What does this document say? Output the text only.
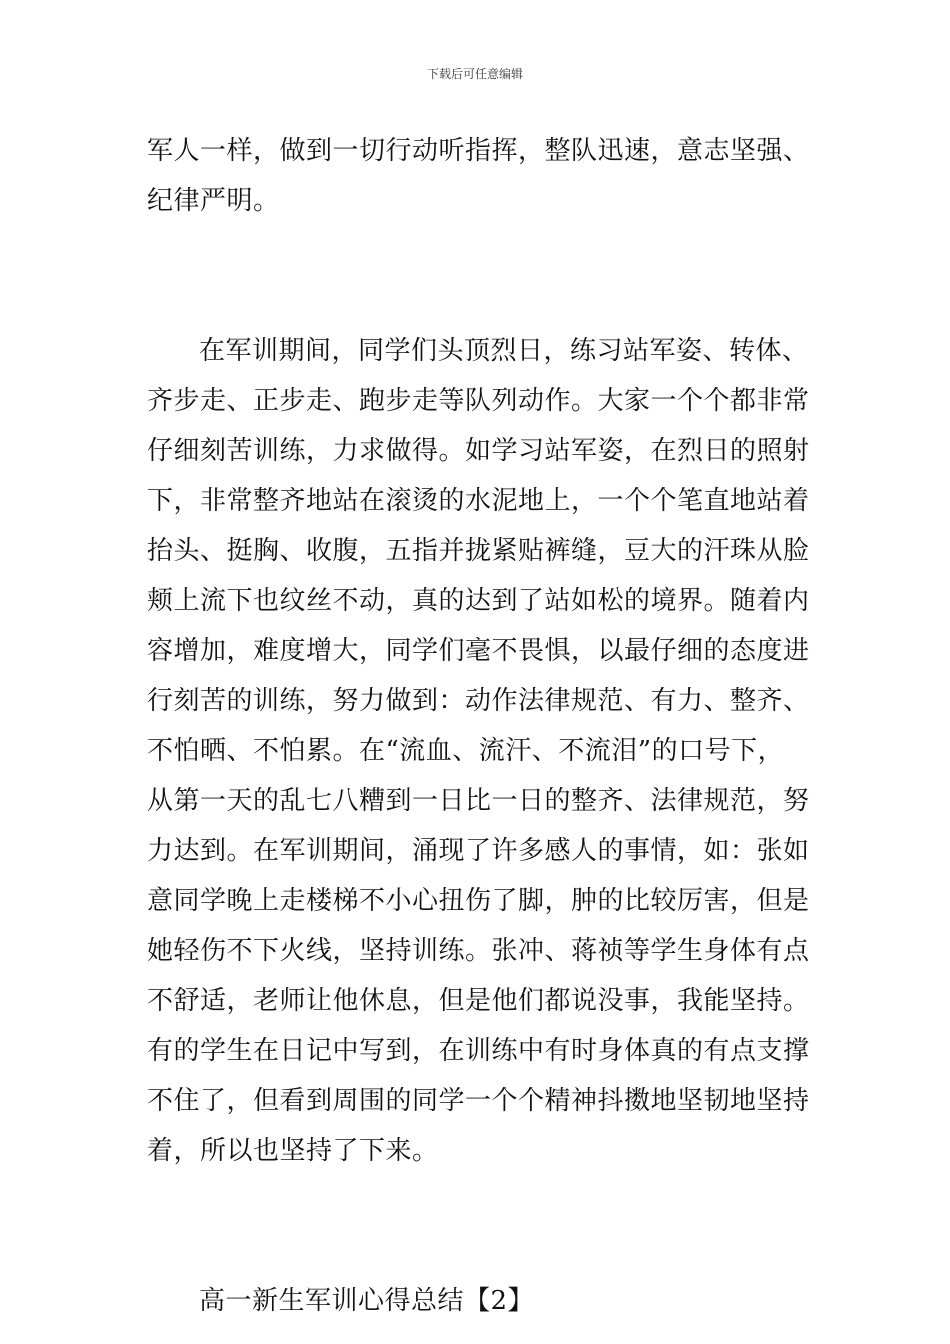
下载后可任意编辑

军人一样，做到一切行动听指挥，整队迅速，意志坚强、
纪律严明。

在军训期间，同学们头顶烈日，练习站军姿、转体、
齐步走、正步走、跑步走等队列动作。大家一个个都非常
仔细刻苦训练，力求做得。如学习站军姿，在烈日的照射
下，非常整齐地站在滚烫的水泥地上，一个个笔直地站着
抬头、挺胸、收腹，五指并拢紧贴裤缝，豆大的汗珠从脸
颊上流下也纹丝不动，真的达到了站如松的境界。随着内
容增加，难度增大，同学们毫不畏惧，以最仔细的态度进
行刻苦的训练，努力做到：动作法律规范、有力、整齐、
不怕晒、不怕累。在“流血、流汗、不流泪”的口号下，
从第一天的乱七八糟到一日比一日的整齐、法律规范，努
力达到。在军训期间，涌现了许多感人的事情，如：张如
意同学晚上走楼梯不小心扭伤了脚，肿的比较厉害，但是
她轻伤不下火线，坚持训练。张冲、蒋祯等学生身体有点
不舒适，老师让他休息，但是他们都说没事，我能坚持。
有的学生在日记中写到，在训练中有时身体真的有点支撑
不住了，但看到周围的同学一个个精神抖擞地坚韧地坚持
着，所以也坚持了下来。

高一新生军训心得总结【2】
